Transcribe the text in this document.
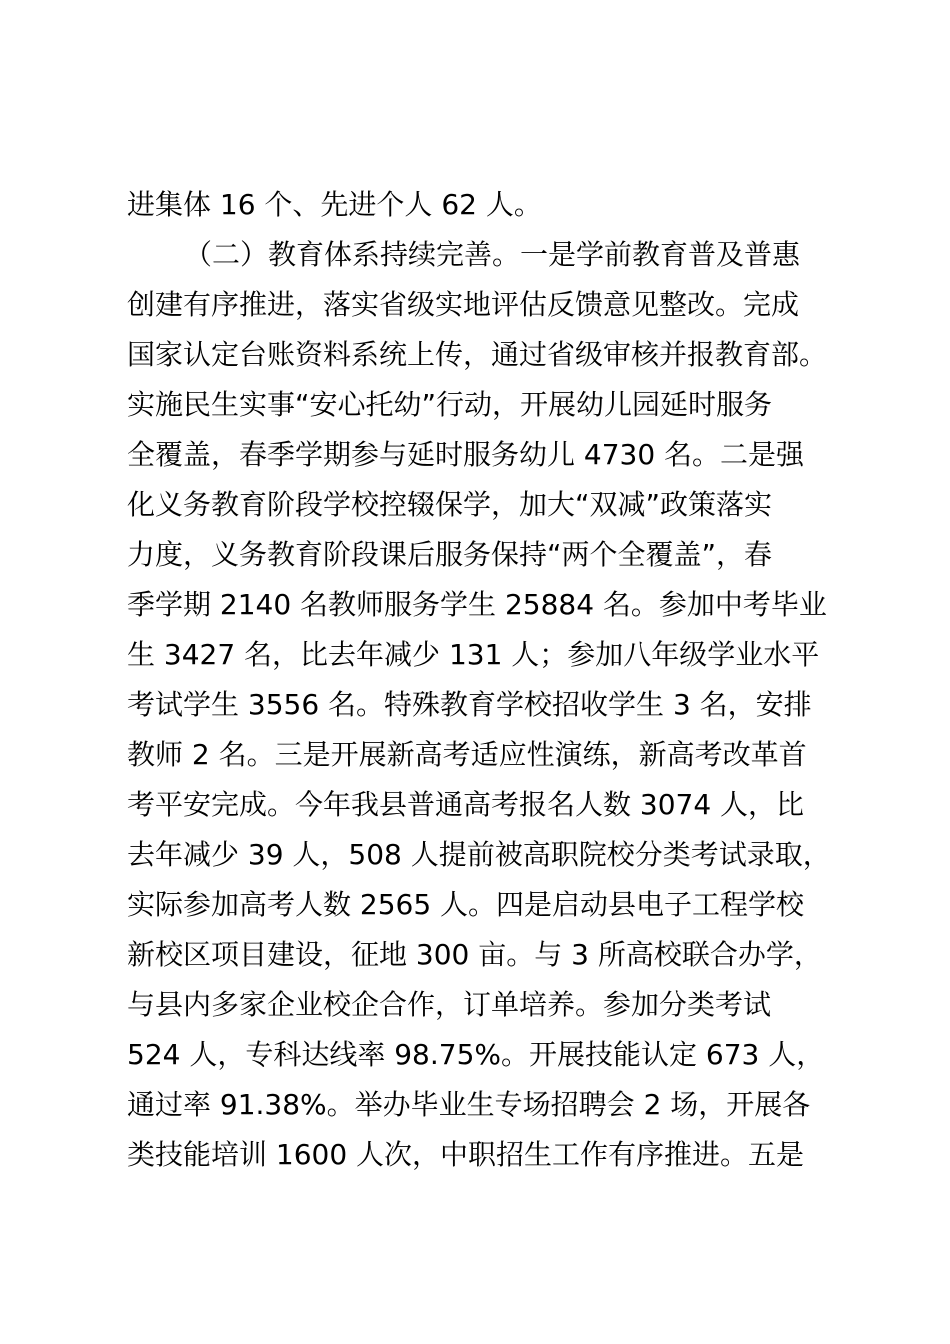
进集体 16 个、先进个人 62 人。
（二）教育体系持续完善。一是学前教育普及普惠
创建有序推进，落实省级实地评估反馈意见整改。完成
国家认定台账资料系统上传，通过省级审核并报教育部。
实施民生实事“安心托幼”行动，开展幼儿园延时服务
全覆盖，春季学期参与延时服务幼儿 4730 名。二是强
化义务教育阶段学校控辍保学，加大“双减”政策落实
力度，义务教育阶段课后服务保持“两个全覆盖”，春
季学期 2140 名教师服务学生 25884 名。参加中考毕业
生 3427 名，比去年减少 131 人；参加八年级学业水平
考试学生 3556 名。特殊教育学校招收学生 3 名，安排
教师 2 名。三是开展新高考适应性演练，新高考改革首
考平安完成。今年我县普通高考报名人数 3074 人，比
去年减少 39 人，508 人提前被高职院校分类考试录取，
实际参加高考人数 2565 人。四是启动县电子工程学校
新校区项目建设，征地 300 亩。与 3 所高校联合办学，
与县内多家企业校企合作，订单培养。参加分类考试
524 人，专科达线率 98.75%。开展技能认定 673 人，
通过率 91.38%。举办毕业生专场招聘会 2 场，开展各
类技能培训 1600 人次，中职招生工作有序推进。五是
